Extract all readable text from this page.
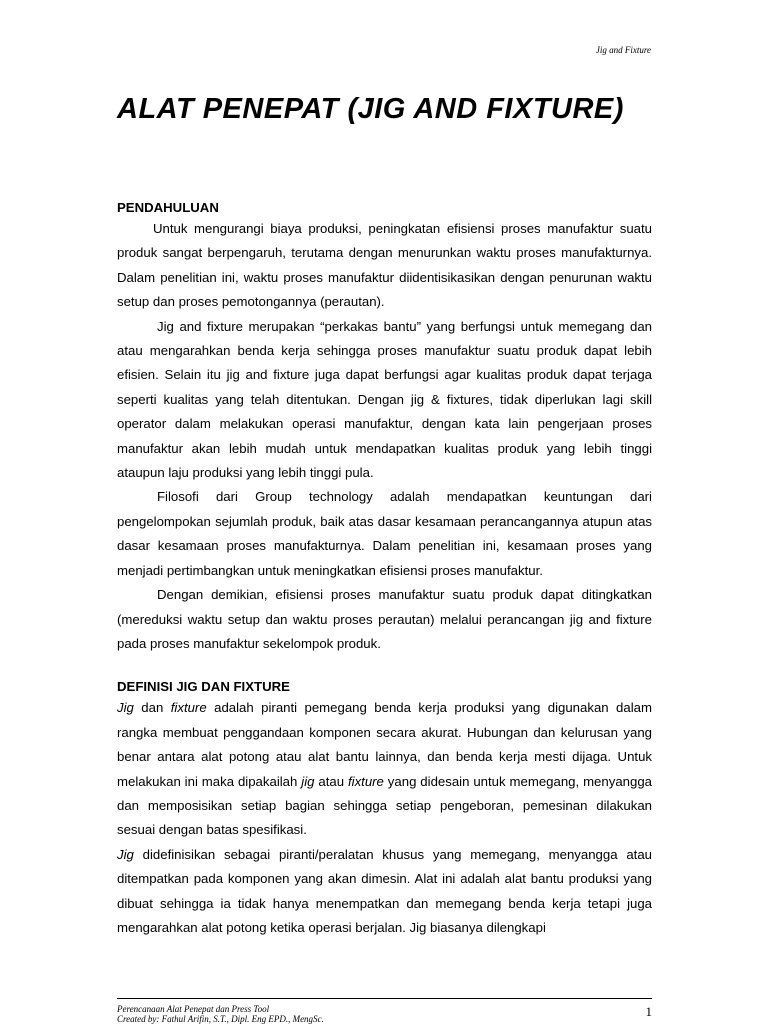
Jig and Fixture
ALAT PENEPAT (JIG AND FIXTURE)
PENDAHULUAN

Untuk mengurangi biaya produksi, peningkatan efisiensi proses manufaktur suatu produk sangat berpengaruh, terutama dengan menurunkan waktu proses manufakturnya. Dalam penelitian ini, waktu proses manufaktur diidentisikasikan dengan penurunan waktu setup dan proses pemotongannya (perautan).

Jig and fixture merupakan “perkakas bantu” yang berfungsi untuk memegang dan atau mengarahkan benda kerja sehingga proses manufaktur suatu produk dapat lebih efisien. Selain itu jig and fixture juga dapat berfungsi agar kualitas produk dapat terjaga seperti kualitas yang telah ditentukan. Dengan jig & fixtures, tidak diperlukan lagi skill operator dalam melakukan operasi manufaktur, dengan kata lain pengerjaan proses manufaktur akan lebih mudah untuk mendapatkan kualitas produk yang lebih tinggi ataupun laju produksi yang lebih tinggi pula.

Filosofi dari Group technology adalah mendapatkan keuntungan dari pengelompokan sejumlah produk, baik atas dasar kesamaan perancangannya atupun atas dasar kesamaan proses manufakturnya. Dalam penelitian ini, kesamaan proses yang menjadi pertimbangkan untuk meningkatkan efisiensi proses manufaktur.

Dengan demikian, efisiensi proses manufaktur suatu produk dapat ditingkatkan (mereduksi waktu setup dan waktu proses perautan) melalui perancangan jig and fixture pada proses manufaktur sekelompok produk.

DEFINISI JIG DAN FIXTURE

Jig dan fixture adalah piranti pemegang benda kerja produksi yang digunakan dalam rangka membuat penggandaan komponen secara akurat. Hubungan dan kelurusan yang benar antara alat potong atau alat bantu lainnya, dan benda kerja mesti dijaga. Untuk melakukan ini maka dipakailah jig atau fixture yang didesain untuk memegang, menyangga dan memposisikan setiap bagian sehingga setiap pengeboran, pemesinan dilakukan sesuai dengan batas spesifikasi.

Jig didefinisikan sebagai piranti/peralatan khusus yang memegang, menyangga atau ditempatkan pada komponen yang akan dimesin. Alat ini adalah alat bantu produksi yang dibuat sehingga ia tidak hanya menempatkan dan memegang benda kerja tetapi juga mengarahkan alat potong ketika operasi berjalan. Jig biasanya dilengkapi

Perencanaan Alat Penepat dan Press Tool
Created by: Fathul Arifin, S.T., Dipl. Eng EPD., MengSc.	1
